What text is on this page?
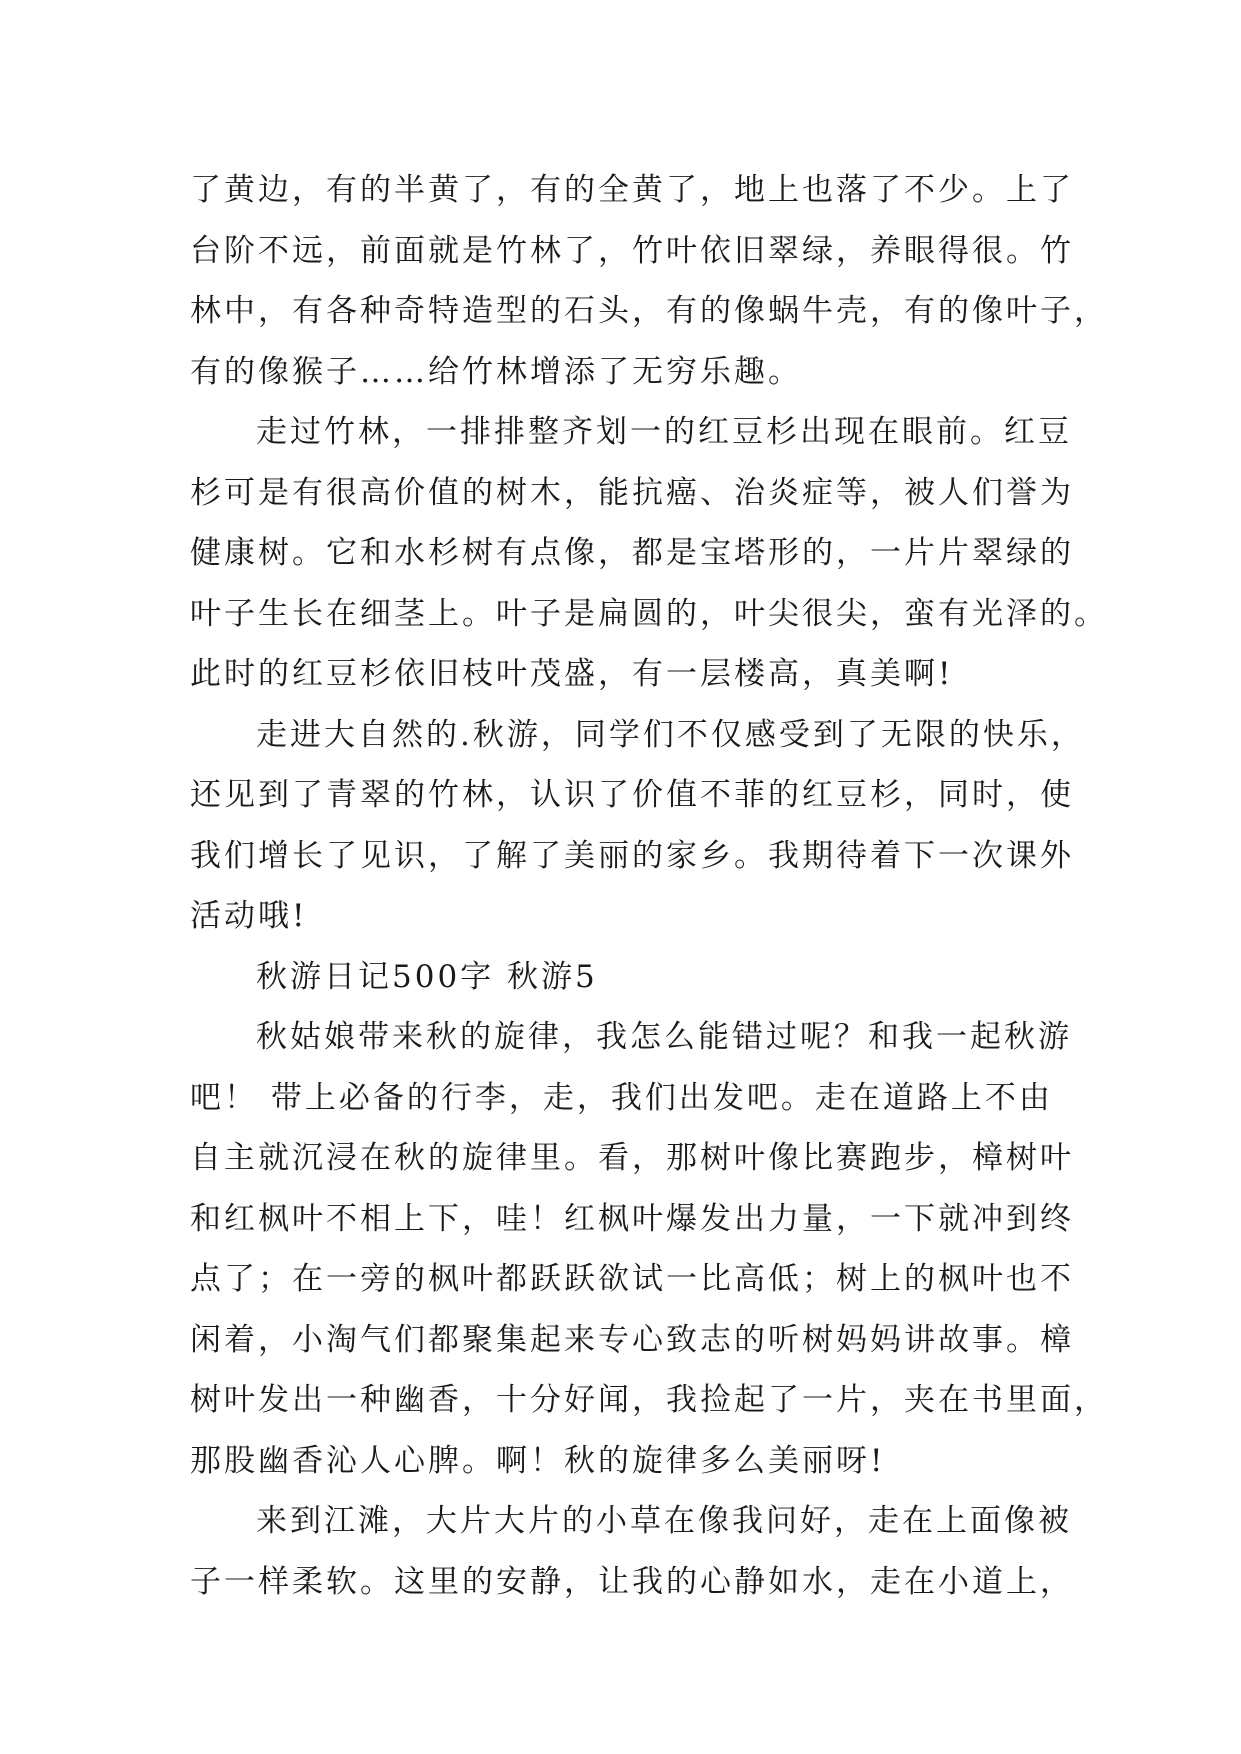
了黄边，有的半黄了，有的全黄了，地上也落了不少。上了
台阶不远，前面就是竹林了，竹叶依旧翠绿，养眼得很。竹
林中，有各种奇特造型的石头，有的像蜗牛壳，有的像叶子，
有的像猴子……给竹林增添了无穷乐趣。
走过竹林，一排排整齐划一的红豆杉出现在眼前。红豆
杉可是有很高价值的树木，能抗癌、治炎症等，被人们誉为
健康树。它和水杉树有点像，都是宝塔形的，一片片翠绿的
叶子生长在细茎上。叶子是扁圆的，叶尖很尖，蛮有光泽的。
此时的红豆杉依旧枝叶茂盛，有一层楼高，真美啊!
走进大自然的.秋游，同学们不仅感受到了无限的快乐，
还见到了青翠的竹林，认识了价值不菲的红豆杉，同时，使
我们增长了见识，了解了美丽的家乡。我期待着下一次课外
活动哦!
秋游日记500字 秋游5
秋姑娘带来秋的旋律，我怎么能错过呢？和我一起秋游
吧！ 带上必备的行李，走，我们出发吧。走在道路上不由
自主就沉浸在秋的旋律里。看，那树叶像比赛跑步，樟树叶
和红枫叶不相上下，哇！红枫叶爆发出力量，一下就冲到终
点了；在一旁的枫叶都跃跃欲试一比高低；树上的枫叶也不
闲着，小淘气们都聚集起来专心致志的听树妈妈讲故事。樟
树叶发出一种幽香，十分好闻，我捡起了一片，夹在书里面，
那股幽香沁人心脾。啊！秋的旋律多么美丽呀!
来到江滩，大片大片的小草在像我问好，走在上面像被
子一样柔软。这里的安静，让我的心静如水，走在小道上，
